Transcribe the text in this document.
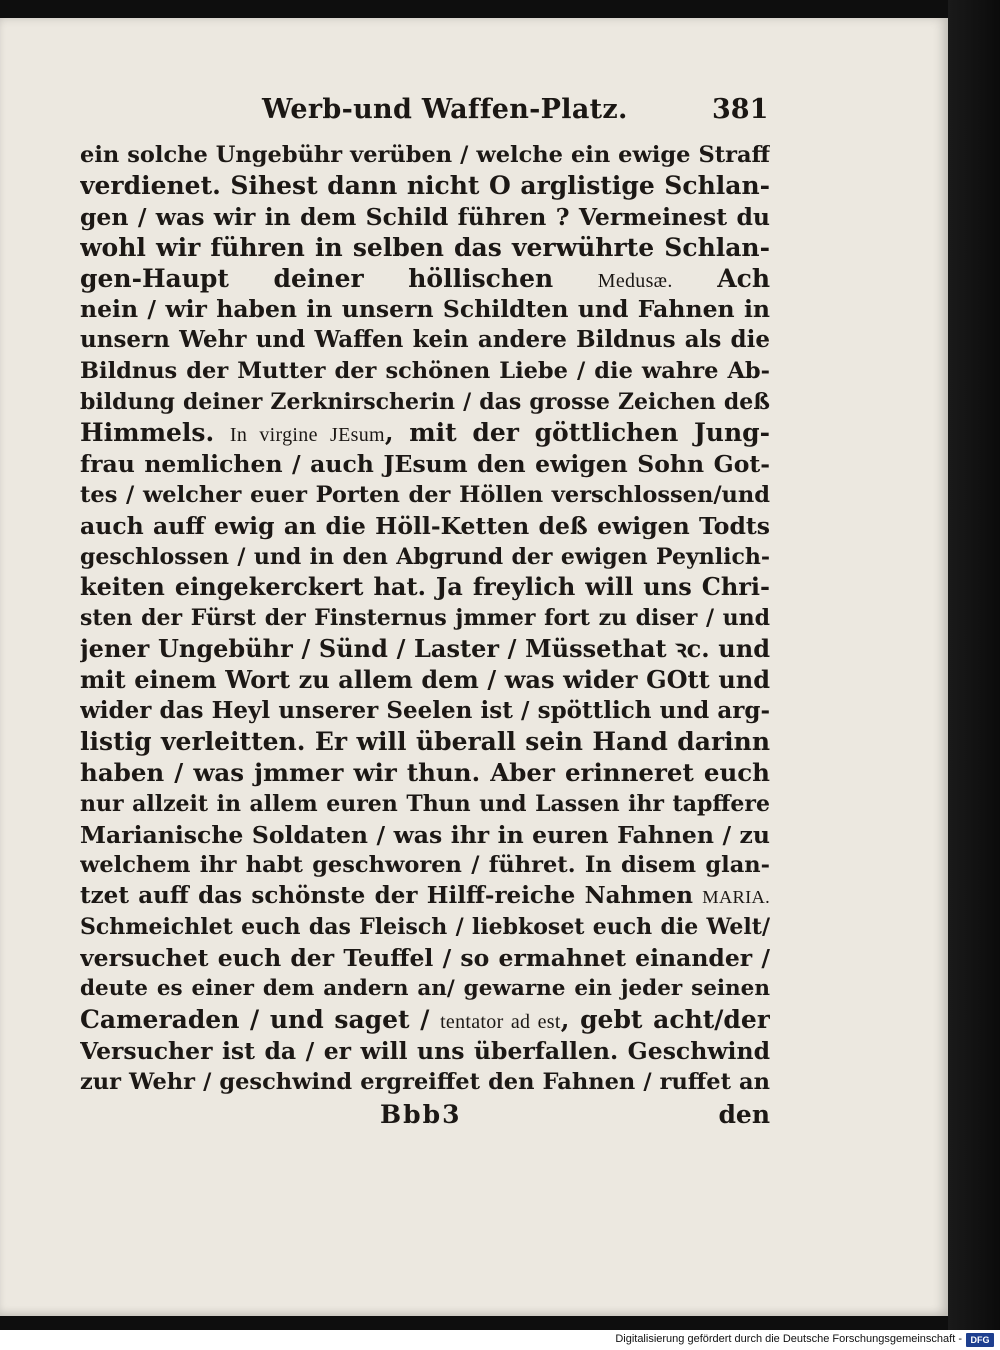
Werb-und Waffen-Platz.	381
ein solche Ungebühr verüben / welche ein ewige Straff
verdienet. Sihest dann nicht O arglistige Schlan-
gen / was wir in dem Schild führen ? Vermeinest du
wohl wir führen in selben das verwührte Schlan-
gen-Haupt deiner höllischen Medusæ. Ach
nein / wir haben in unsern Schildten und Fahnen in
unsern Wehr und Waffen kein andere Bildnus als die
Bildnus der Mutter der schönen Liebe / die wahre Ab-
bildung deiner Zerknirscherin / das grosse Zeichen deß
Himmels. In virgine JEsum, mit der göttlichen Jung-
frau nemlichen / auch JEsum den ewigen Sohn Got-
tes / welcher euer Porten der Höllen verschlossen/und
auch auff ewig an die Höll-Ketten deß ewigen Todts
geschlossen / und in den Abgrund der ewigen Peynlich-
keiten eingekerckert hat. Ja freylich will uns Chri-
sten der Fürst der Finsternus jmmer fort zu diser / und
jener Ungebühr / Sünd / Laster / Müssethat ꝛc. und
mit einem Wort zu allem dem / was wider GOtt und
wider das Heyl unserer Seelen ist / spöttlich und arg-
listig verleitten. Er will überall sein Hand darinn
haben / was jmmer wir thun. Aber erinneret euch
nur allzeit in allem euren Thun und Lassen ihr tapffere
Marianische Soldaten / was ihr in euren Fahnen / zu
welchem ihr habt geschworen / führet. In disem glan-
tzet auff das schönste der Hilff-reiche Nahmen MARIA.
Schmeichlet euch das Fleisch / liebkoset euch die Welt/
versuchet euch der Teuffel / so ermahnet einander /
deute es einer dem andern an/ gewarne ein jeder seinen
Cameraden / und saget / tentator ad est, gebt acht/der
Versucher ist da / er will uns überfallen. Geschwind
zur Wehr / geschwind ergreiffet den Fahnen / ruffet an
Bbb3	den
Digitalisierung gefördert durch die Deutsche Forschungsgemeinschaft - DFG
